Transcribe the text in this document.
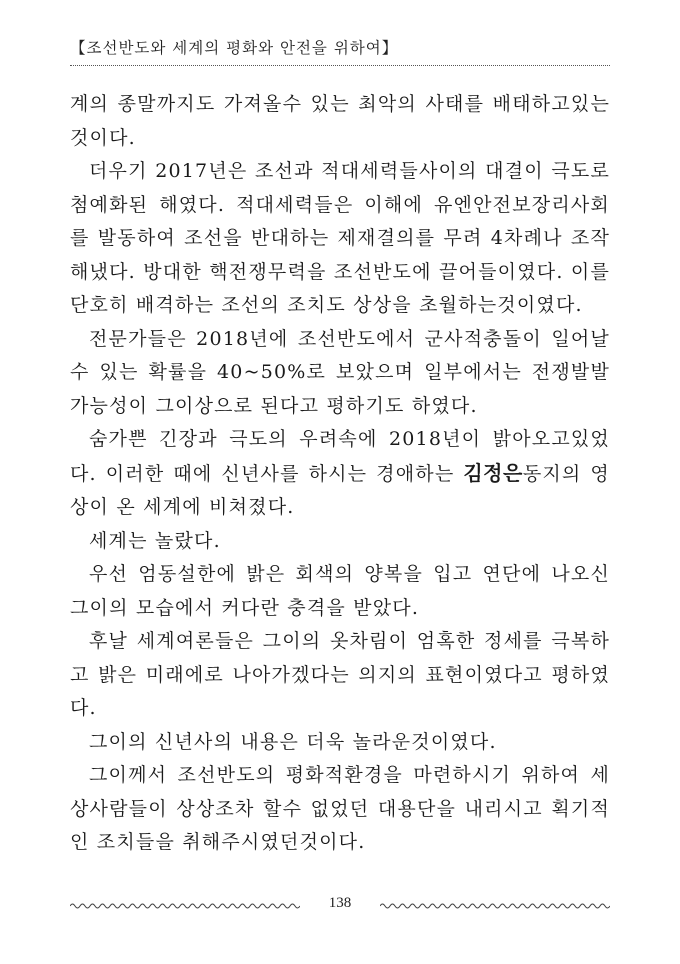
【조선반도와 세계의 평화와 안전을 위하여】

계의 종말까지도 가져올수 있는 최악의 사태를 배태하고있는것이다.

더우기 2017년은 조선과 적대세력들사이의 대결이 극도로 첨예화된 해였다. 적대세력들은 이해에 유엔안전보장리사회를 발동하여 조선을 반대하는 제재결의를 무려 4차례나 조작해냈다. 방대한 핵전쟁무력을 조선반도에 끌어들이였다. 이를 단호히 배격하는 조선의 조치도 상상을 초월하는것이였다.

전문가들은 2018년에 조선반도에서 군사적충돌이 일어날수 있는 확률을 40~50%로 보았으며 일부에서는 전쟁발발가능성이 그이상으로 된다고 평하기도 하였다.

숨가쁜 긴장과 극도의 우려속에 2018년이 밝아오고있었다. 이러한 때에 신년사를 하시는 경애하는 김정은동지의 영상이 온 세계에 비쳐졌다.

세계는 놀랐다.

우선 엄동설한에 밝은 회색의 양복을 입고 연단에 나오신 그이의 모습에서 커다란 충격을 받았다.

후날 세계여론들은 그이의 옷차림이 엄혹한 정세를 극복하고 밝은 미래에로 나아가겠다는 의지의 표현이였다고 평하였다.

그이의 신년사의 내용은 더욱 놀라운것이였다.

그이께서 조선반도의 평화적환경을 마련하시기 위하여 세상사람들이 상상조차 할수 없었던 대용단을 내리시고 획기적인 조치들을 취해주시였던것이다.

138
